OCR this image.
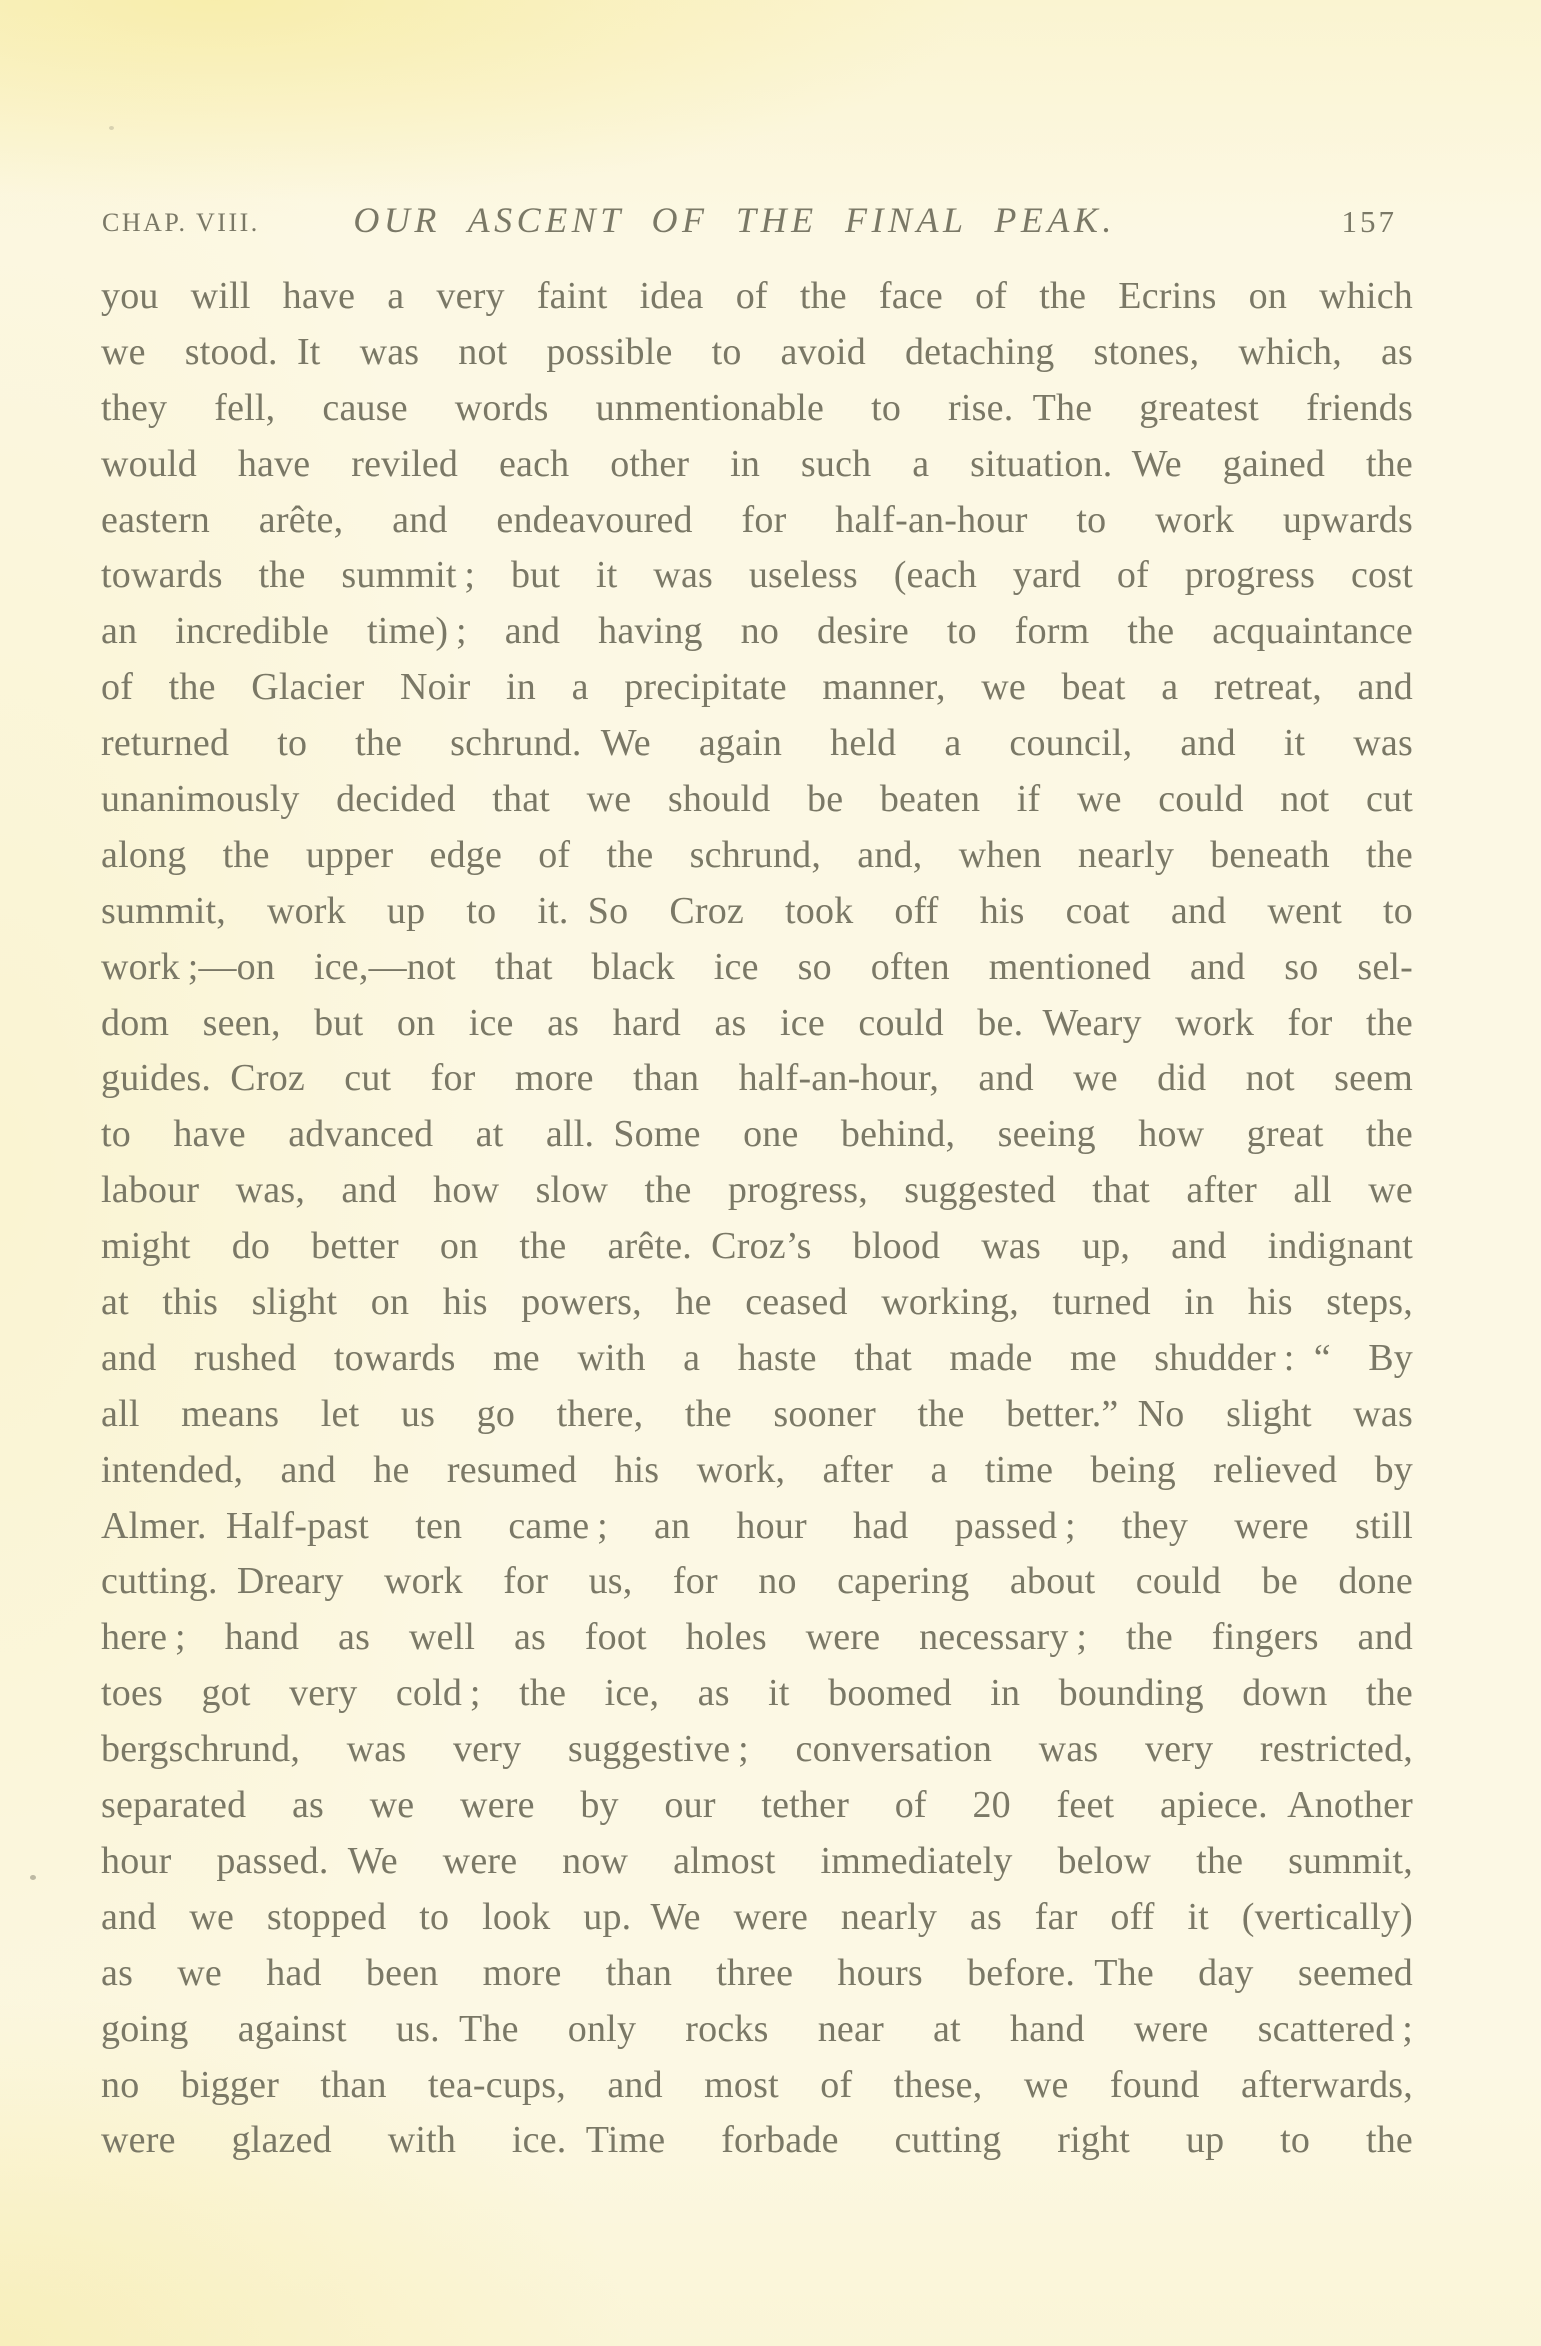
CHAP. VIII.	OUR ASCENT OF THE FINAL PEAK.	157
you will have a very faint idea of the face of the Ecrins on which
we stood. It was not possible to avoid detaching stones, which, as
they fell, cause words unmentionable to rise. The greatest friends
would have reviled each other in such a situation. We gained the
eastern arête, and endeavoured for half-an-hour to work upwards
towards the summit ; but it was useless (each yard of progress cost
an incredible time) ; and having no desire to form the acquaintance
of the Glacier Noir in a precipitate manner, we beat a retreat, and
returned to the schrund. We again held a council, and it was
unanimously decided that we should be beaten if we could not cut
along the upper edge of the schrund, and, when nearly beneath the
summit, work up to it. So Croz took off his coat and went to
work ;—on ice,—not that black ice so often mentioned and so sel-
dom seen, but on ice as hard as ice could be. Weary work for the
guides. Croz cut for more than half-an-hour, and we did not seem
to have advanced at all. Some one behind, seeing how great the
labour was, and how slow the progress, suggested that after all we
might do better on the arête. Croz’s blood was up, and indignant
at this slight on his powers, he ceased working, turned in his steps,
and rushed towards me with a haste that made me shudder : “ By
all means let us go there, the sooner the better.” No slight was
intended, and he resumed his work, after a time being relieved by
Almer. Half-past ten came ; an hour had passed ; they were still
cutting. Dreary work for us, for no capering about could be done
here ; hand as well as foot holes were necessary ; the fingers and
toes got very cold ; the ice, as it boomed in bounding down the
bergschrund, was very suggestive ; conversation was very restricted,
separated as we were by our tether of 20 feet apiece. Another
hour passed. We were now almost immediately below the summit,
and we stopped to look up. We were nearly as far off it (vertically)
as we had been more than three hours before. The day seemed
going against us. The only rocks near at hand were scattered ;
no bigger than tea-cups, and most of these, we found afterwards,
were glazed with ice. Time forbade cutting right up to the
